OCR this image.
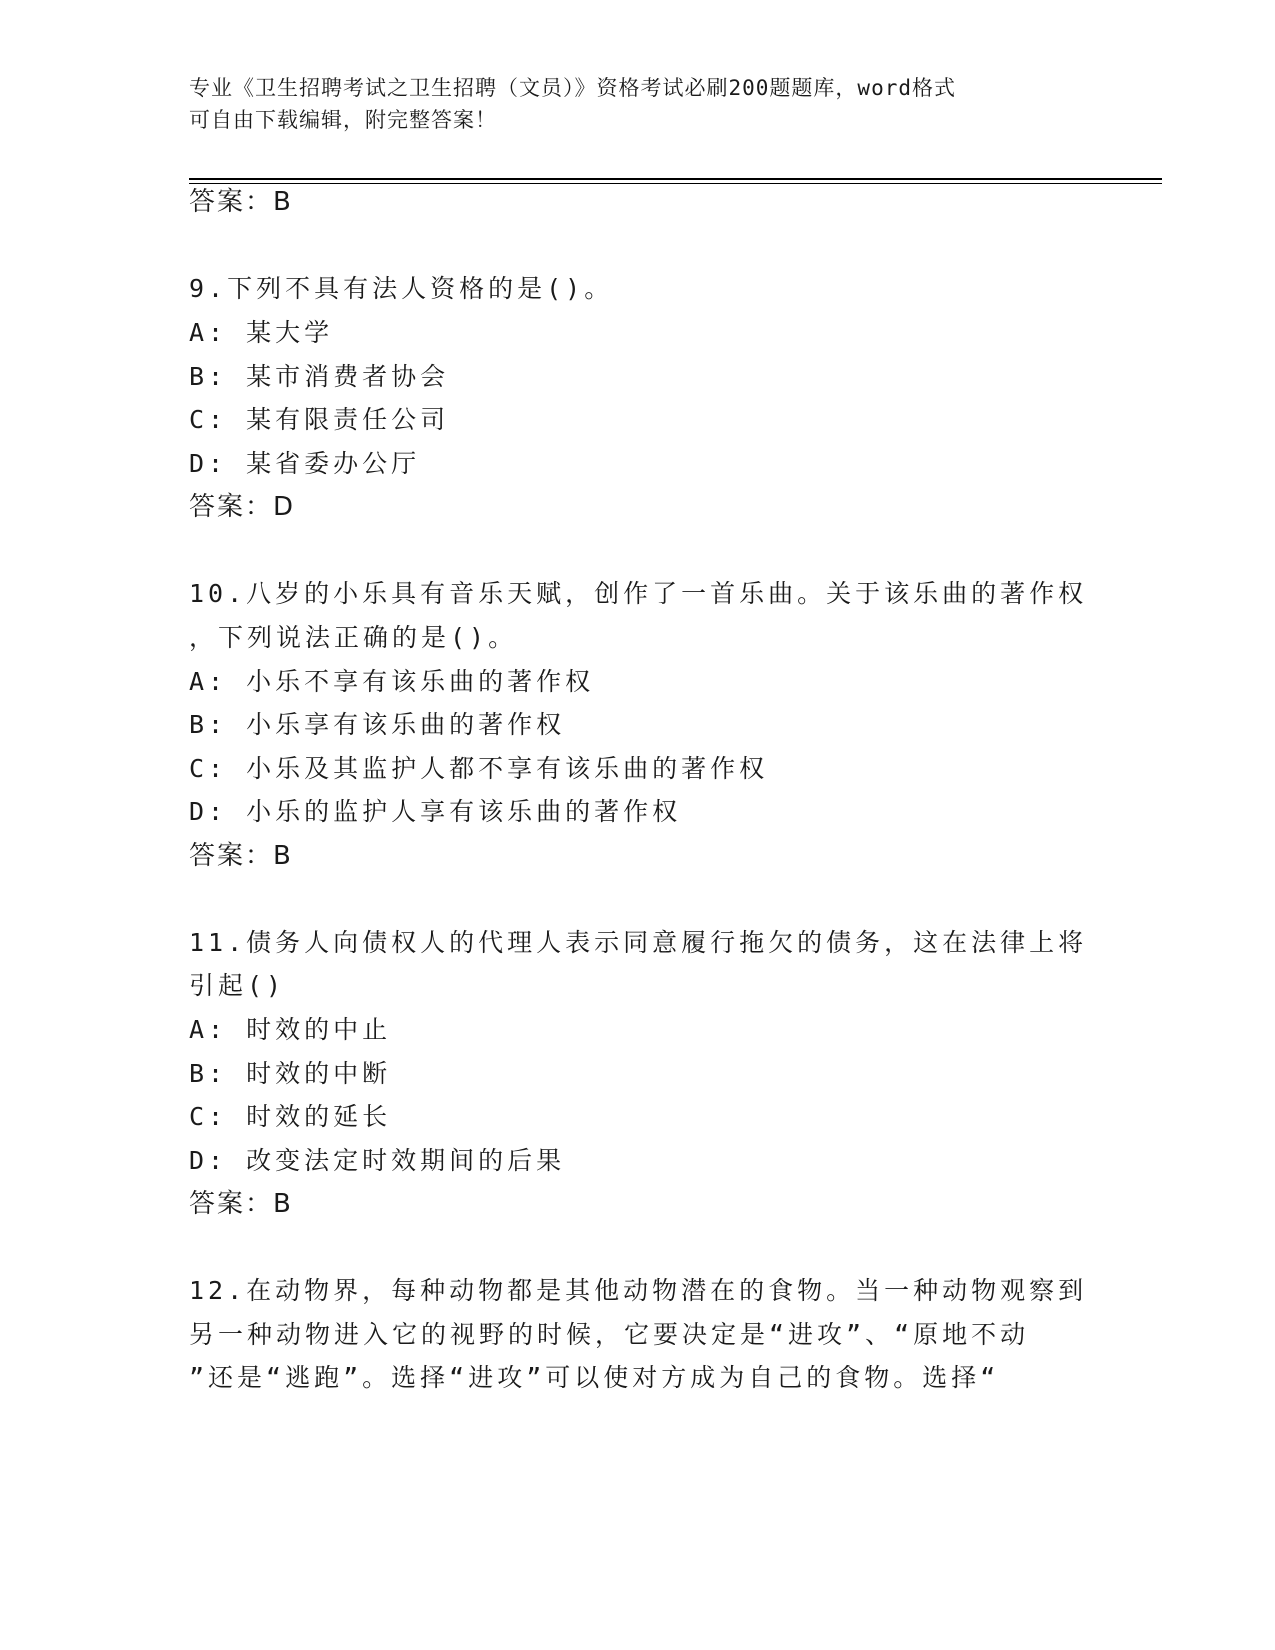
专业《卫生招聘考试之卫生招聘（文员）》资格考试必刷200题题库，word格式
可自由下载编辑，附完整答案！
答案：B
9.下列不具有法人资格的是()。
A: 某大学
B: 某市消费者协会
C: 某有限责任公司
D: 某省委办公厅
答案：D
10.八岁的小乐具有音乐天赋，创作了一首乐曲。关于该乐曲的著作权
，下列说法正确的是()。
A: 小乐不享有该乐曲的著作权
B: 小乐享有该乐曲的著作权
C: 小乐及其监护人都不享有该乐曲的著作权
D: 小乐的监护人享有该乐曲的著作权
答案：B
11.债务人向债权人的代理人表示同意履行拖欠的债务，这在法律上将
引起()
A: 时效的中止
B: 时效的中断
C: 时效的延长
D: 改变法定时效期间的后果
答案：B
12.在动物界，每种动物都是其他动物潜在的食物。当一种动物观察到
另一种动物进入它的视野的时候，它要决定是“进攻”、“原地不动
”还是“逃跑”。选择“进攻”可以使对方成为自己的食物。选择“
